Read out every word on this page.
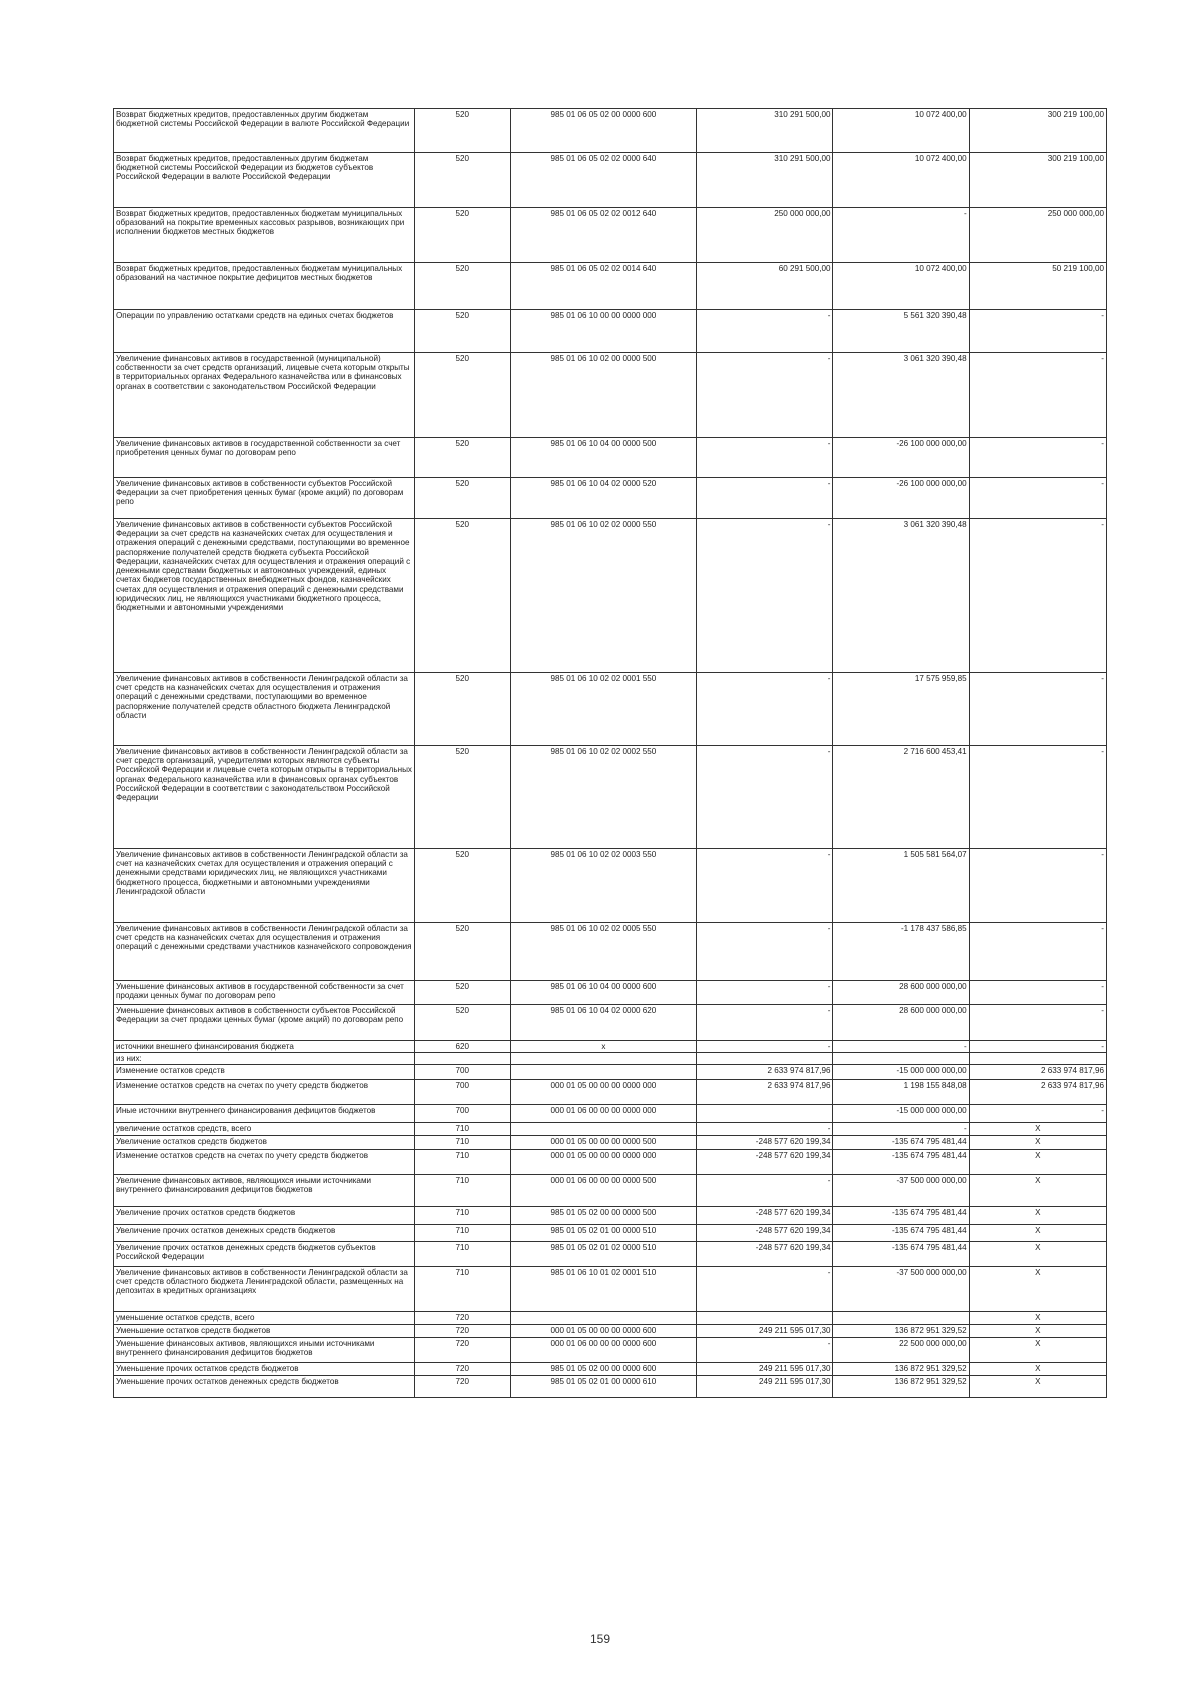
Возврат бюджетных кредитов, предоставленных другим бюджетам бюджетной системы Российской Федерации в валюте Российской Федерации	520	985 01 06 05 02 00 0000 600	310 291 500,00	10 072 400,00	300 219 100,00
Возврат бюджетных кредитов, предоставленных другим бюджетам бюджетной системы Российской Федерации из бюджетов субъектов Российской Федерации в валюте Российской Федерации	520	985 01 06 05 02 02 0000 640	310 291 500,00	10 072 400,00	300 219 100,00
Возврат бюджетных кредитов, предоставленных бюджетам муниципальных образований на покрытие временных кассовых разрывов, возникающих при исполнении бюджетов местных бюджетов	520	985 01 06 05 02 02 0012 640	250 000 000,00	-	250 000 000,00
Возврат бюджетных кредитов, предоставленных бюджетам муниципальных образований на частичное покрытие дефицитов местных бюджетов	520	985 01 06 05 02 02 0014 640	60 291 500,00	10 072 400,00	50 219 100,00
Операции по управлению остатками средств на единых счетах бюджетов	520	985 01 06 10 00 00 0000 000	-	5 561 320 390,48	-
Увеличение финансовых активов в государственной (муниципальной) собственности за счет средств организаций, лицевые счета которым открыты в территориальных органах Федерального казначейства или в финансовых органах в соответствии с законодательством Российской Федерации	520	985 01 06 10 02 00 0000 500	-	3 061 320 390,48	-
Увеличение финансовых активов в государственной собственности за счет приобретения ценных бумаг по договорам репо	520	985 01 06 10 04 00 0000 500	-	-26 100 000 000,00	-
Увеличение финансовых активов в собственности субъектов Российской Федерации за счет приобретения ценных бумаг (кроме акций) по договорам репо	520	985 01 06 10 04 02 0000 520	-	-26 100 000 000,00	-
Увеличение финансовых активов в собственности субъектов Российской Федерации за счет средств на казначейских счетах для осуществления и отражения операций с денежными средствами, поступающими во временное распоряжение получателей средств бюджета субъекта Российской Федерации, казначейских счетах для осуществления и отражения операций с денежными средствами бюджетных и автономных учреждений, единых счетах бюджетов государственных внебюджетных фондов, казначейских счетах для осуществления и отражения операций с денежными средствами юридических лиц, не являющихся участниками бюджетного процесса, бюджетными и автономными учреждениями	520	985 01 06 10 02 02 0000 550	-	3 061 320 390,48	-
Увеличение финансовых активов в собственности Ленинградской области за счет средств на казначейских счетах для осуществления и отражения операций с денежными средствами, поступающими во временное распоряжение получателей средств областного бюджета Ленинградской области	520	985 01 06 10 02 02 0001 550	-	17 575 959,85	-
Увеличение финансовых активов в собственности Ленинградской области за счет средств организаций, учредителями которых являются субъекты Российской Федерации и лицевые счета которым открыты в территориальных органах Федерального казначейства или в финансовых органах субъектов Российской Федерации в соответствии с законодательством Российской Федерации	520	985 01 06 10 02 02 0002 550	-	2 716 600 453,41	-
Увеличение финансовых активов в собственности Ленинградской области за счет на казначейских счетах для осуществления и отражения операций с денежными средствами юридических лиц, не являющихся участниками бюджетного процесса, бюджетными и автономными учреждениями Ленинградской области	520	985 01 06 10 02 02 0003 550	-	1 505 581 564,07	-
Увеличение финансовых активов в собственности Ленинградской области за счет средств на казначейских счетах для осуществления и отражения операций с денежными средствами участников казначейского сопровождения	520	985 01 06 10 02 02 0005 550	-	-1 178 437 586,85	-
Уменьшение финансовых активов в государственной собственности за счет продажи ценных бумаг по договорам репо	520	985 01 06 10 04 00 0000 600	-	28 600 000 000,00	-
Уменьшение финансовых активов в собственности субъектов Российской Федерации за счет продажи ценных бумаг (кроме акций) по договорам репо	520	985 01 06 10 04 02 0000 620	-	28 600 000 000,00	-
источники внешнего финансирования бюджета	620	x	-	-	-
из них:					
Изменение остатков средств	700		2 633 974 817,96	-15 000 000 000,00	2 633 974 817,96
Изменение остатков средств на счетах по учету средств бюджетов	700	000 01 05 00 00 00 0000 000	2 633 974 817,96	1 198 155 848,08	2 633 974 817,96
Иные источники внутреннего финансирования дефицитов бюджетов	700	000 01 06 00 00 00 0000 000		-15 000 000 000,00	-
увеличение остатков средств, всего	710		-	-	X
Увеличение остатков средств бюджетов	710	000 01 05 00 00 00 0000 500	-248 577 620 199,34	-135 674 795 481,44	X
Изменение остатков средств на счетах по учету средств бюджетов	710	000 01 05 00 00 00 0000 000	-248 577 620 199,34	-135 674 795 481,44	X
Увеличение финансовых активов, являющихся иными источниками внутреннего финансирования дефицитов бюджетов	710	000 01 06 00 00 00 0000 500	-	-37 500 000 000,00	X
Увеличение прочих остатков средств бюджетов	710	985 01 05 02 00 00 0000 500	-248 577 620 199,34	-135 674 795 481,44	X
Увеличение прочих остатков денежных средств бюджетов	710	985 01 05 02 01 00 0000 510	-248 577 620 199,34	-135 674 795 481,44	X
Увеличение прочих остатков денежных средств бюджетов субъектов Российской Федерации	710	985 01 05 02 01 02 0000 510	-248 577 620 199,34	-135 674 795 481,44	X
Увеличение финансовых активов в собственности Ленинградской области за счет средств областного бюджета Ленинградской области, размещенных на депозитах в кредитных организациях	710	985 01 06 10 01 02 0001 510	-	-37 500 000 000,00	X
уменьшение остатков средств, всего	720				X
Уменьшение остатков средств бюджетов	720	000 01 05 00 00 00 0000 600	249 211 595 017,30	136 872 951 329,52	X
Уменьшение финансовых активов, являющихся иными источниками внутреннего финансирования дефицитов бюджетов	720	000 01 06 00 00 00 0000 600	-	22 500 000 000,00	X
Уменьшение прочих остатков средств бюджетов	720	985 01 05 02 00 00 0000 600	249 211 595 017,30	136 872 951 329,52	X
Уменьшение прочих остатков денежных средств бюджетов	720	985 01 05 02 01 00 0000 610	249 211 595 017,30	136 872 951 329,52	X
159
